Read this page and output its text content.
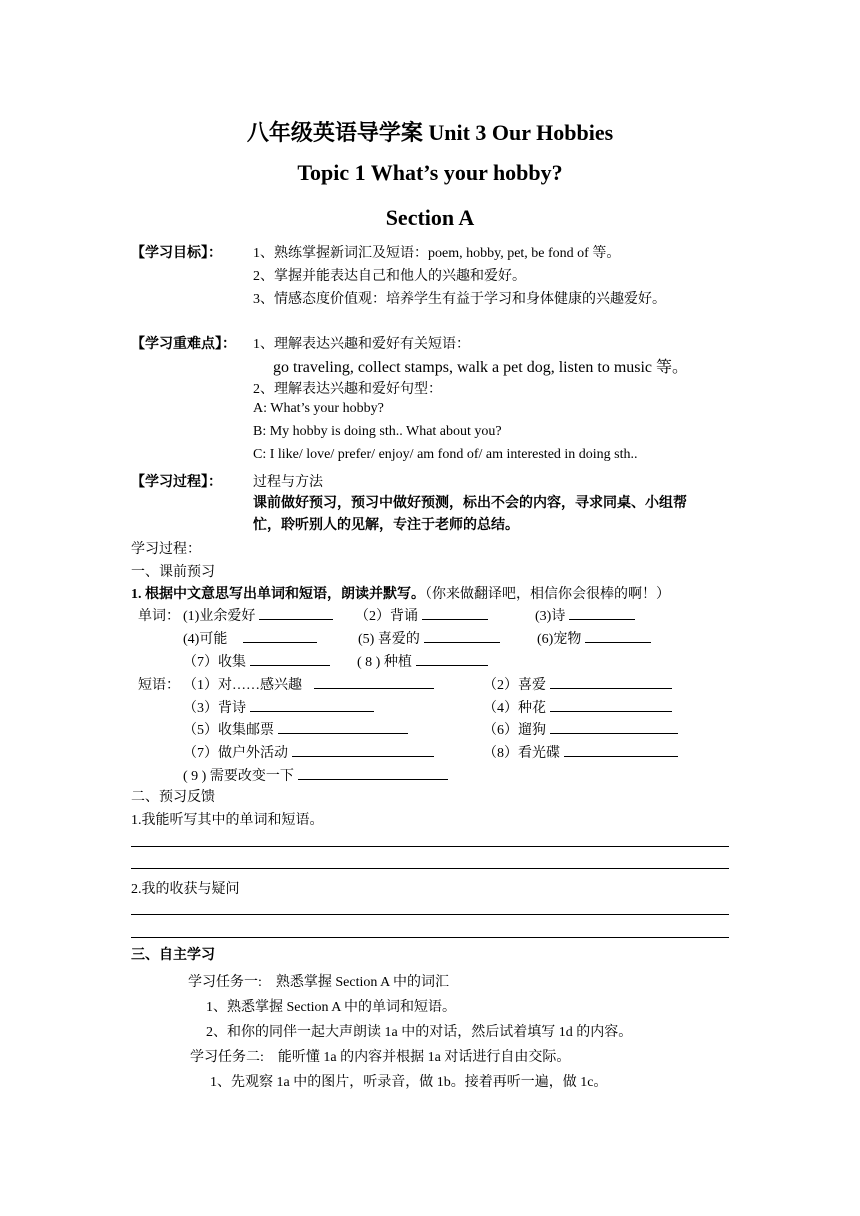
八年级英语导学案 Unit 3 Our Hobbies
Topic 1 What’s your hobby?
Section A
【学习目标】： 1、熟练掌握新词汇及短语：poem, hobby, pet, be fond of 等。
2、掌握并能表达自己和他人的兴趣和爱好。
3、情感态度价值观：培养学生有益于学习和身体健康的兴趣爱好。
【学习重难点】： 1、理解表达兴趣和爱好有关短语：
go traveling, collect stamps, walk a pet dog, listen to music 等。
2、理解表达兴趣和爱好句型：
A: What’s your hobby?
B: My hobby is doing sth.. What about you?
C: I like/ love/ prefer/ enjoy/ am fond of/ am interested in doing sth..
【学习过程】： 过程与方法
课前做好预习，预习中做好预测，标出不会的内容，寻求同桌、小组帮
忙，聆听别人的见解，专注于老师的总结。
学习过程：
一、课前预习
1. 根据中文意思写出单词和短语，朗读并默写。（你来做翻译吧，相信你会很棒的啊！）
单词： (1)业余爱好	（2）背诵	(3)诗
(4)可能	(5) 喜爱的	(6)宠物
（7）收集	( 8 ) 种植
短语： （1）对……感兴趣	（2）喜爱
（3）背诗	（4）种花
（5）收集邮票	（6）遛狗
（7）做户外活动	（8）看光碟
( 9 ) 需要改变一下
二、预习反馈
1.我能听写其中的单词和短语。
2.我的收获与疑问
三、自主学习
学习任务一:　熟悉掌握 Section A 中的词汇
1、熟悉掌握 Section A 中的单词和短语。
2、和你的同伴一起大声朗读 1a 中的对话，然后试着填写 1d 的内容。
学习任务二:　能听懂 1a 的内容并根据 1a 对话进行自由交际。
1、先观察 1a 中的图片，听录音，做 1b。接着再听一遍，做 1c。
